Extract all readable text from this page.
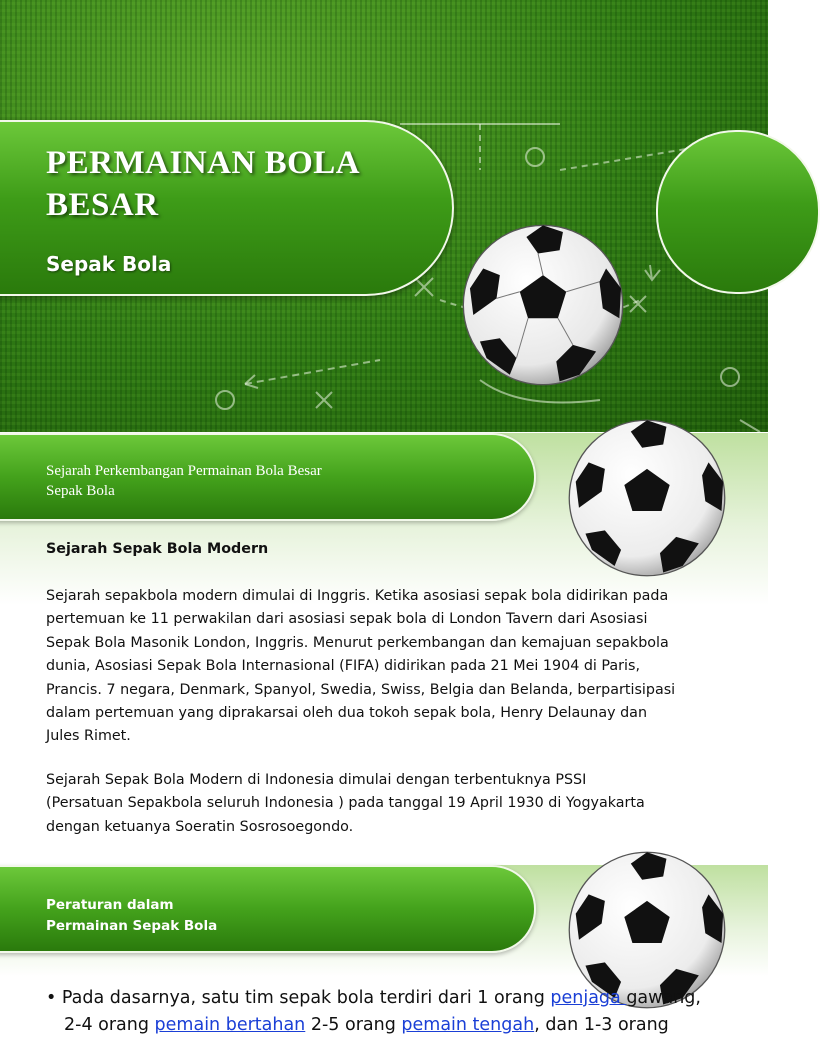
PERMAINAN BOLA
BESAR

Sepak Bola

Sejarah Perkembangan Permainan Bola Besar
Sepak Bola

Sejarah Sepak Bola Modern

Sejarah sepakbola modern dimulai di Inggris. Ketika asosiasi sepak bola didirikan pada
pertemuan ke 11 perwakilan dari asosiasi sepak bola di London Tavern dari Asosiasi
Sepak Bola Masonik London, Inggris. Menurut perkembangan dan kemajuan sepakbola
dunia, Asosiasi Sepak Bola Internasional (FIFA) didirikan pada 21 Mei 1904 di Paris,
Prancis. 7 negara, Denmark, Spanyol, Swedia, Swiss, Belgia dan Belanda, berpartisipasi
dalam pertemuan yang diprakarsai oleh dua tokoh sepak bola, Henry Delaunay dan
Jules Rimet.

Sejarah Sepak Bola Modern di Indonesia dimulai dengan terbentuknya PSSI
(Persatuan Sepakbola seluruh Indonesia ) pada tanggal 19 April 1930 di Yogyakarta
dengan ketuanya Soeratin Sosrosoegondo.

Peraturan dalam
Permainan Sepak Bola

• Pada dasarnya, satu tim sepak bola terdiri dari 1 orang penjaga gawang,
2-4 orang pemain bertahan 2-5 orang pemain tengah, dan 1-3 orang
